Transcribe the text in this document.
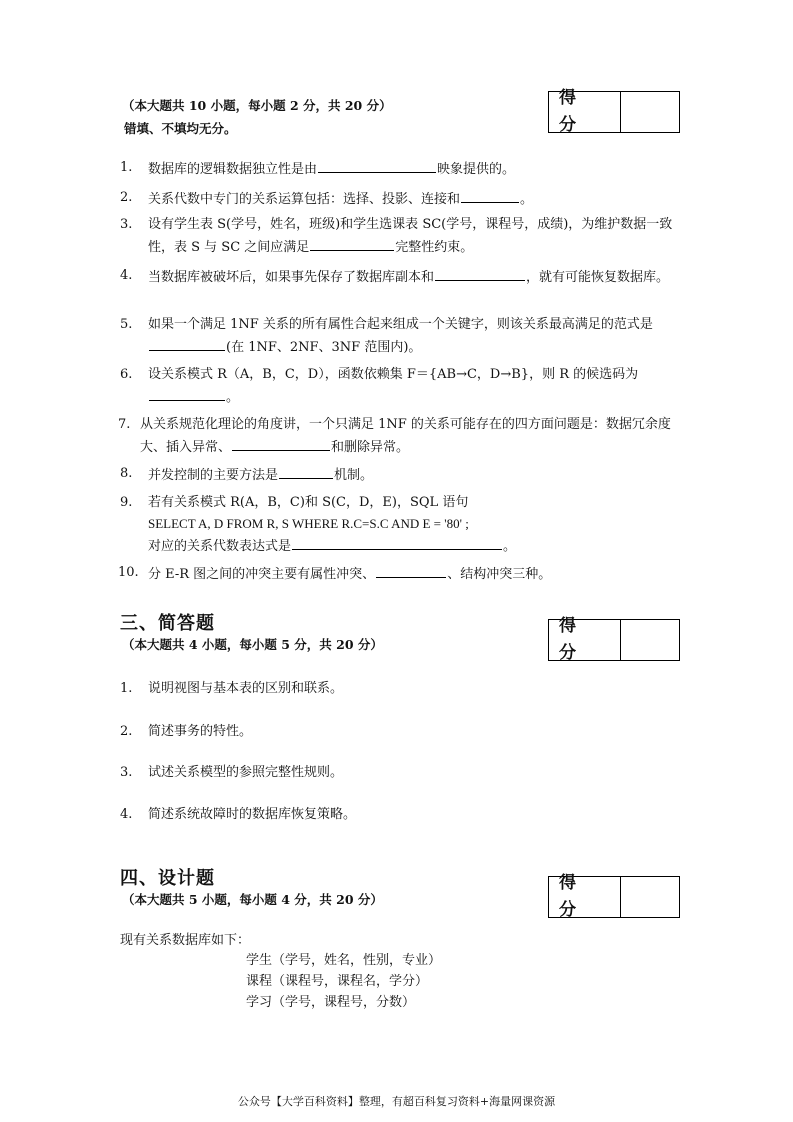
（本大题共 10 小题，每小题 2 分，共 20 分）
错填、不填均无分。
得 分
1. 数据库的逻辑数据独立性是由	映象提供的。
2. 关系代数中专门的关系运算包括：选择、投影、连接和	。
3. 设有学生表 S(学号，姓名，班级)和学生选课表 SC(学号，课程号，成绩)，为维护数据一致性，表 S 与 SC 之间应满足	完整性约束。
4. 当数据库被破坏后，如果事先保存了数据库副本和	，就有可能恢复数据库。
5. 如果一个满足 1NF 关系的所有属性合起来组成一个关键字，则该关系最高满足的范式是(在 1NF、2NF、3NF 范围内)。
6. 设关系模式 R（A，B，C，D），函数依赖集 F＝{AB→C，D→B}，则 R 的候选码为。
7. 从关系规范化理论的角度讲，一个只满足 1NF 的关系可能存在的四方面问题是：数据冗余度大、插入异常、	和删除异常。
8. 并发控制的主要方法是	机制。
9. 若有关系模式 R(A，B，C)和 S(C，D，E)，SQL 语句
SELECT A, D FROM R, S WHERE R.C=S.C AND E = '80' ;
对应的关系代数表达式是	。
10. 分 E-R 图之间的冲突主要有属性冲突、	、结构冲突三种。
三、简答题
（本大题共 4 小题，每小题 5 分，共 20 分）
得 分
1. 说明视图与基本表的区别和联系。
2. 简述事务的特性。
3. 试述关系模型的参照完整性规则。
4. 简述系统故障时的数据库恢复策略。
四、设计题
（本大题共 5 小题，每小题 4 分，共 20 分）
得 分
现有关系数据库如下：
学生（学号，姓名，性别，专业）
课程（课程号，课程名，学分）
学习（学号，课程号，分数）
公众号【大学百科资料】整理，有超百科复习资料+海量网课资源
